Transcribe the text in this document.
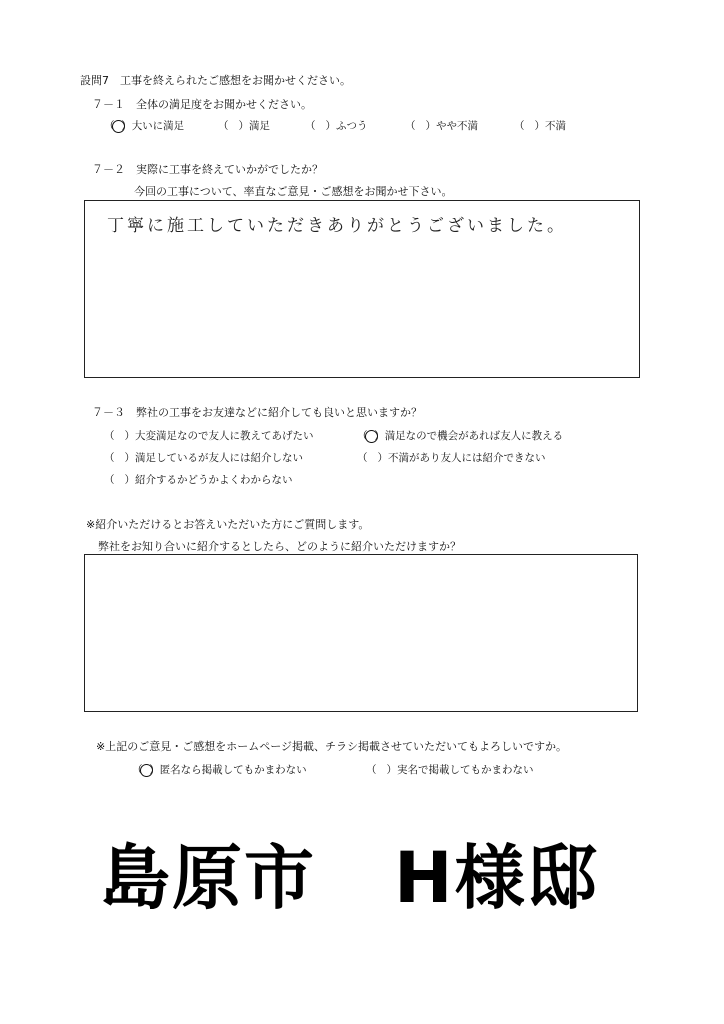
設問7　工事を終えられたご感想をお聞かせください。
７－１　全体の満足度をお聞かせください。
（ ）大いに満足	（ ）満足	（ ）ふつう	（ ）やや不満	（ ）不満
７－２　実際に工事を終えていかがでしたか？
今回の工事について、率直なご意見・ご感想をお聞かせ下さい。
丁寧に施工していただきありがとうございました。
７－３　弊社の工事をお友達などに紹介しても良いと思いますか？
（ ）大変満足なので友人に教えてあげたい	（ ）満足なので機会があれば友人に教える
（ ）満足しているが友人には紹介しない	（ ）不満があり友人には紹介できない
（ ）紹介するかどうかよくわからない
※紹介いただけるとお答えいただいた方にご質問します。
弊社をお知り合いに紹介するとしたら、どのように紹介いただけますか？
※上記のご意見・ご感想をホームページ掲載、チラシ掲載させていただいてもよろしいですか。
（ ）匿名なら掲載してもかまわない	（ ）実名で掲載してもかまわない
島原市 H様邸
